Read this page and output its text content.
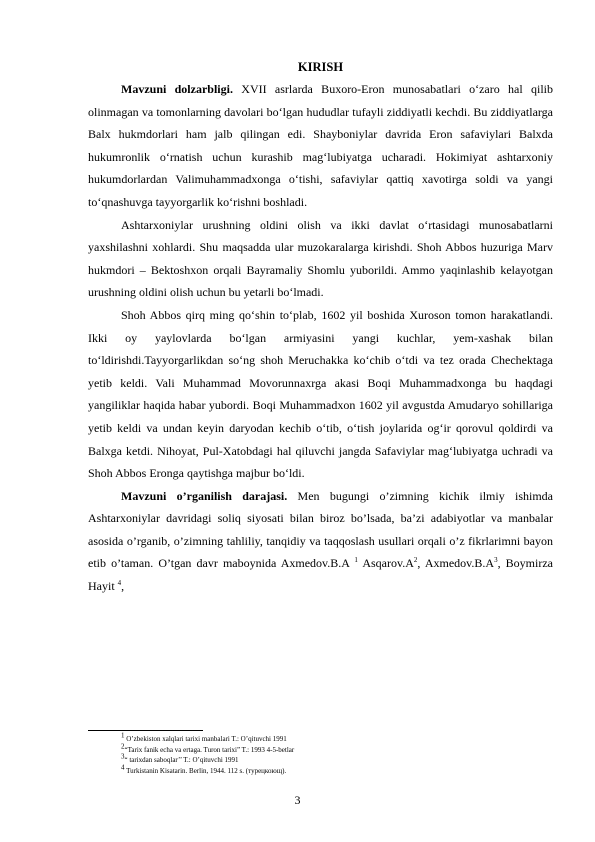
KIRISH

Mavzuni dolzarbligi. XVII asrlarda Buxoro-Eron munosabatlari o‘zaro hal qilib olinmagan va tomonlarning davolari bo‘lgan hududlar tufayli ziddiyatli kechdi. Bu ziddiyatlarga Balx hukmdorlari ham jalb qilingan edi. Shayboniylar davrida Eron safaviylari Balxda hukumronlik o‘rnatish uchun kurashib mag‘lubiyatga ucharadi. Hokimiyat ashtarxoniy hukumdorlardan Valimuhammadxonga o‘tishi, safaviylar qattiq xavotirga soldi va yangi to‘qnashuvga tayyorgarlik ko‘rishni boshladi.

Ashtarxoniylar urushning oldini olish va ikki davlat o‘rtasidagi munosabatlarni yaxshilashni xohlardi. Shu maqsadda ular muzokaralarga kirishdi. Shoh Abbos huzuriga Marv hukmdori – Bektoshxon orqali Bayramaliy Shomlu yuborildi. Ammo yaqinlashib kelayotgan urushning oldini olish uchun bu yetarli bo‘lmadi.

Shoh Abbos qirq ming qo‘shin to‘plab, 1602 yil boshida Xuroson tomon harakatlandi. Ikki oy yaylovlarda bo‘lgan armiyasini yangi kuchlar, yem-xashak bilan to‘ldirishdi.Tayyorgarlikdan so‘ng shoh Meruchakka ko‘chib o‘tdi va tez orada Chechektaga yetib keldi. Vali Muhammad Movorunnaxrga akasi Boqi Muhammadxonga bu haqdagi yangiliklar haqida habar yubordi. Boqi Muhammadxon 1602 yil avgustda Amudaryo sohillariga yetib keldi va undan keyin daryodan kechib o‘tib, o‘tish joylarida og‘ir qorovul qoldirdi va Balxga ketdi. Nihoyat, Pul-Xatobdagi hal qiluvchi jangda Safaviylar mag‘lubiyatga uchradi va Shoh Abbos Eronga qaytishga majbur bo‘ldi.

Mavzuni o’rganilish darajasi. Men bugungi o’zimning kichik ilmiy ishimda Ashtarxoniylar davridagi soliq siyosati bilan biroz bo’lsada, ba’zi adabiyotlar va manbalar asosida o’rganib, o’zimning tahliliy, tanqidiy va taqqoslash usullari orqali o’z fikrlarimni bayon etib o’taman. O’tgan davr maboynida Axmedov.B.A $^1$ $Asqarov.A^2$, $Axmedov.B.A^3$, Boymirza Hayit $^4$,

$^1$ O’zbekiston xalqlari tarixi manbalari T.: O’qituvchi 1991

$^2$“Tarix fanik echa va ertaga. Turon tarixi” T.: 1993 4-5-betlar

$^3$“ tarixdan saboqlar’’ T.: O’qituvchi 1991

$^4$ Turkistanin Kisatarin. Berlin, 1944. 112 s. (турецкоющ).

3
